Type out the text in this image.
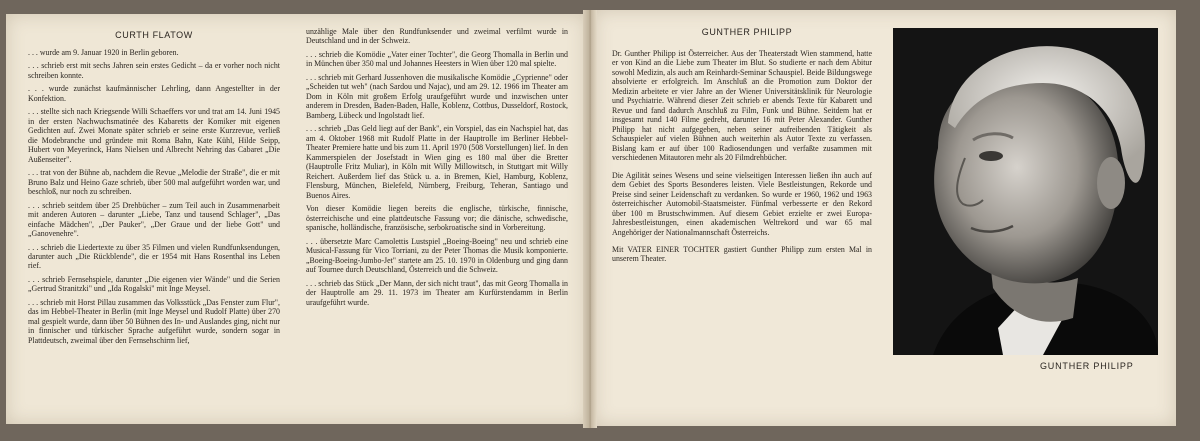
CURTH FLATOW

. . . wurde am 9. Januar 1920 in Berlin geboren.

. . . schrieb erst mit sechs Jahren sein erstes Gedicht – da er vorher noch nicht schreiben konnte.

. . . wurde zunächst kaufmännischer Lehrling, dann Angestellter in der Konfektion.

. . . stellte sich nach Kriegsende Willi Schaeffers vor und trat am 14. Juni 1945 in der ersten Nachwuchsmatinée des Kabaretts der Komiker mit eigenen Gedichten auf. Zwei Monate später schrieb er seine erste Kurzrevue, verließ die Modebranche und gründete mit Roma Bahn, Kate Kühl, Hilde Seipp, Hubert von Meyerinck, Hans Nielsen und Albrecht Nehring das Cabaret „Die Außenseiter".

. . . trat von der Bühne ab, nachdem die Revue „Melodie der Straße", die er mit Bruno Balz und Heino Gaze schrieb, über 500 mal aufgeführt worden war, und beschloß, nur noch zu schreiben.

. . . schrieb seitdem über 25 Drehbücher – zum Teil auch in Zusammenarbeit mit anderen Autoren – darunter „Liebe, Tanz und tausend Schlager", „Das einfache Mädchen", „Der Pauker", „Der Graue und der liebe Gott" und „Ganovenehre".

. . . schrieb die Liedertexte zu über 35 Filmen und vielen Rundfunksendungen, darunter auch „Die Rückblende", die er 1954 mit Hans Rosenthal ins Leben rief.

. . . schrieb Fernsehspiele, darunter „Die eigenen vier Wände" und die Serien „Gertrud Stranitzki" und „Ida Rogalski" mit Inge Meysel.

. . . schrieb mit Horst Pillau zusammen das Volksstück „Das Fenster zum Flur", das im Hebbel-Theater in Berlin (mit Inge Meysel und Rudolf Platte) über 270 mal gespielt wurde, dann über 50 Bühnen des In- und Auslandes ging, nicht nur in finnischer und türkischer Sprache aufgeführt wurde, sondern sogar in Plattdeutsch, zweimal über den Fernsehschirm lief,

unzählige Male über den Rundfunksender und zweimal verfilmt wurde in Deutschland und in der Schweiz.

. . . schrieb die Komödie „Vater einer Tochter", die Georg Thomalla in Berlin und in München über 350 mal und Johannes Heesters in Wien über 120 mal spielte.

. . . schrieb mit Gerhard Jussenhoven die musikalische Komödie „Cyprienne" oder „Scheiden tut weh" (nach Sardou und Najac), und am 29. 12. 1966 im Theater am Dom in Köln mit großem Erfolg uraufgeführt wurde und inzwischen unter anderem in Dresden, Baden-Baden, Halle, Koblenz, Cottbus, Dusseldorf, Rostock, Bamberg, Lübeck und Ingolstadt lief.

. . . schrieb „Das Geld liegt auf der Bank", ein Vorspiel, das ein Nachspiel hat, das am 4. Oktober 1968 mit Rudolf Platte in der Hauptrolle im Berliner Hebbel-Theater Premiere hatte und bis zum 11. April 1970 (508 Vorstellungen) lief. In den Kammerspielen der Josefstadt in Wien ging es 180 mal über die Bretter (Hauptrolle Fritz Muliar), in Köln mit Willy Millowitsch, in Stuttgart mit Willy Reichert. Außerdem lief das Stück u. a. in Bremen, Kiel, Hamburg, Koblenz, Flensburg, München, Bielefeld, Nürnberg, Freiburg, Teheran, Santiago und Buenos Aires.

Von dieser Komödie liegen bereits die englische, türkische, finnische, österreichische und eine plattdeutsche Fassung vor; die dänische, schwedische, spanische, holländische, französische, serbokroatische sind in Vorbereitung.

. . . übersetzte Marc Camolettis Lustspiel „Boeing-Boeing" neu und schrieb eine Musical-Fassung für Vico Torriani, zu der Peter Thomas die Musik komponierte. „Boeing-Boeing-Jumbo-Jet" startete am 25. 10. 1970 in Oldenburg und ging dann auf Tournee durch Deutschland, Österreich und die Schweiz.

. . . schrieb das Stück „Der Mann, der sich nicht traut", das mit Georg Thomalla in der Hauptrolle am 29. 11. 1973 im Theater am Kurfürstendamm in Berlin uraufgeführt wurde.

GUNTHER PHILIPP

Dr. Gunther Philipp ist Österreicher. Aus der Theaterstadt Wien stammend, hatte er von Kind an die Liebe zum Theater im Blut. So studierte er nach dem Abitur sowohl Medizin, als auch am Reinhardt-Seminar Schauspiel. Beide Bildungswege absolvierte er erfolgreich. Im Anschluß an die Promotion zum Doktor der Medizin arbeitete er vier Jahre an der Wiener Universitätsklinik für Neurologie und Psychiatrie. Während dieser Zeit schrieb er abends Texte für Kabarett und Revue und fand dadurch Anschluß zu Film, Funk und Bühne. Seitdem hat er insgesamt rund 140 Filme gedreht, darunter 16 mit Peter Alexander. Gunther Philipp hat nicht aufgegeben, neben seiner aufreibenden Tätigkeit als Schauspieler auf vielen Bühnen auch weiterhin als Autor Texte zu verfassen. Bislang kam er auf über 100 Radiosendungen und verfaßte zusammen mit verschiedenen Mitautoren mehr als 20 Filmdrehbücher.

Die Agilität seines Wesens und seine vielseitigen Interessen ließen ihn auch auf dem Gebiet des Sports Besonderes leisten. Viele Bestleistungen, Rekorde und Preise sind seiner Leidenschaft zu verdanken. So wurde er 1960, 1962 und 1963 österreichischer Automobil-Staatsmeister. Fünfmal verbesserte er den Rekord über 100 m Brustschwimmen. Auf diesem Gebiet erzielte er zwei Europa-Jahresbestleistungen, einen akademischen Weltrekord und war 65 mal Angehöriger der Nationalmannschaft Österreichs.

Mit VATER EINER TOCHTER gastiert Gunther Philipp zum ersten Mal in unserem Theater.

GUNTHER PHILIPP
